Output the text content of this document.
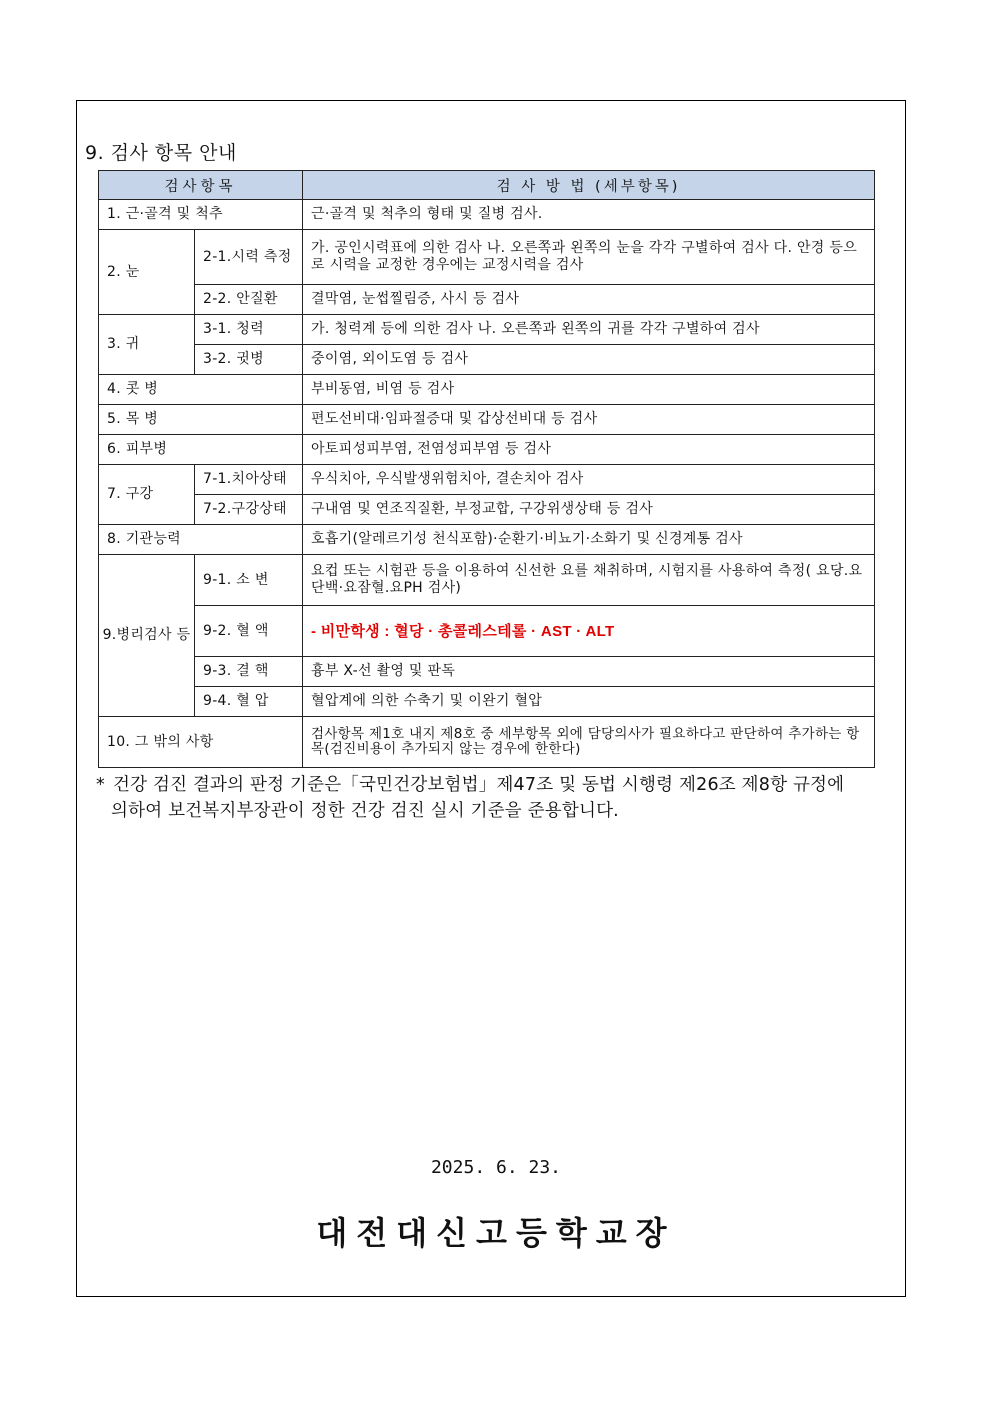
9. 검사 항목 안내
검사항목		검 사 방 법 (세부항목)
1. 근·골격 및 척추		근·골격 및 척추의 형태 및 질병 검사.
2. 눈	2-1.시력 측정	가. 공인시력표에 의한 검사 나. 오른쪽과 왼쪽의 눈을 각각 구별하여 검사 다. 안경 등으로 시력을 교정한 경우에는 교정시력을 검사
	2-2. 안질환	결막염, 눈썹찔림증, 사시 등 검사
3. 귀	3-1. 청력	가. 청력계 등에 의한 검사 나. 오른쪽과 왼쪽의 귀를 각각 구별하여 검사
	3-2. 귓병	중이염, 외이도염 등 검사
4. 콧 병		부비동염, 비염 등 검사
5. 목 병		편도선비대·임파절증대 및 갑상선비대 등 검사
6. 피부병		아토피성피부염, 전염성피부염 등 검사
7. 구강	7-1.치아상태	우식치아, 우식발생위험치아, 결손치아 검사
	7-2.구강상태	구내염 및 연조직질환, 부정교합, 구강위생상태 등 검사
8. 기관능력		호흡기(알레르기성 천식포함)·순환기·비뇨기·소화기 및 신경계통 검사
9.병리검사 등	9-1. 소 변	요컵 또는 시험관 등을 이용하여 신선한 요를 채취하며, 시험지를 사용하여 측정( 요당.요단백·요잠혈.요PH 검사)
	9-2. 혈 액	- 비만학생 : 혈당 · 총콜레스테롤 · AST · ALT
	9-3. 결 핵	흉부 X-선 촬영 및 판독
	9-4. 혈 압	혈압계에 의한 수축기 및 이완기 혈압
10. 그 밖의 사항		검사항목 제1호 내지 제8호 중 세부항목 외에 담당의사가 필요하다고 판단하여 추가하는 항목(검진비용이 추가되지 않는 경우에 한한다)
* 건강 검진 결과의 판정 기준은「국민건강보험법」제47조 및 동법 시행령 제26조 제8항 규정에
의하여 보건복지부장관이 정한 건강 검진 실시 기준을 준용합니다.
2025. 6. 23.
대전대신고등학교장
